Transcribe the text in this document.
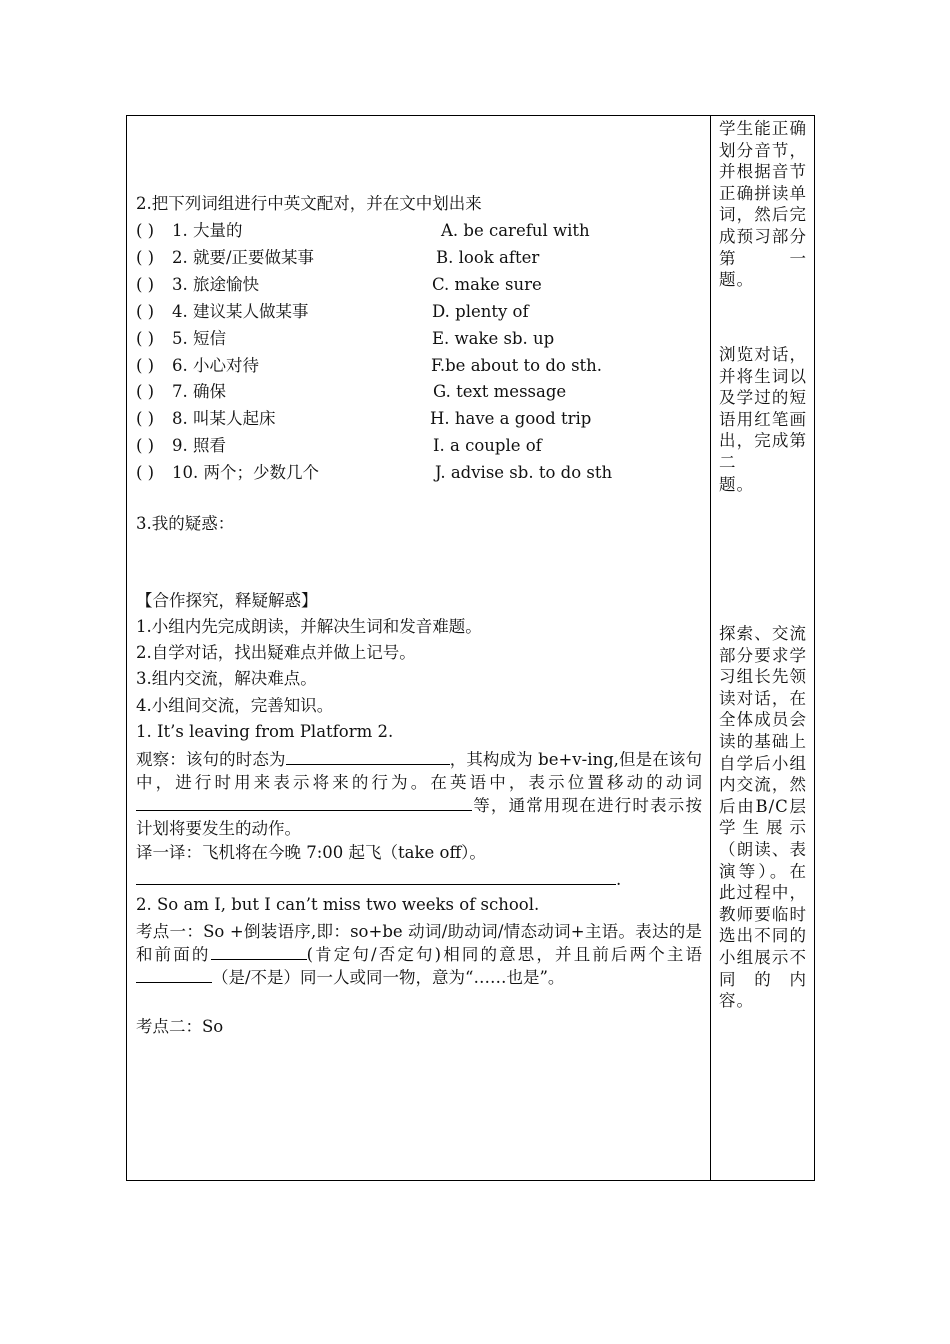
2.把下列词组进行中英文配对，并在文中划出来
( ) 1. 大量的	A. be careful with
( ) 2. 就要/正要做某事	B. look after
( ) 3. 旅途愉快	C. make sure
( ) 4. 建议某人做某事	D. plenty of
( ) 5. 短信	E. wake sb. up
( ) 6. 小心对待	F.be about to do sth.
( ) 7. 确保	G. text message
( ) 8. 叫某人起床	H. have a good trip
( ) 9. 照看	I. a couple of
( ) 10. 两个；少数几个	J. advise sb. to do sth
3.我的疑惑：
【合作探究，释疑解惑】
1.小组内先完成朗读，并解决生词和发音难题。
2.自学对话，找出疑难点并做上记号。
3.组内交流，解决难点。
4.小组间交流，完善知识。
1. It’s leaving from Platform 2.
观察：该句的时态为	，其构成为 be+v-ing,但是在该句中，进行时用来表示将来的行为。在英语中，表示位置移动的动词等，通常用现在进行时表示按计划将要发生的动作。
译一译：飞机将在今晚 7:00 起飞（take off）。
.
2. So am I, but I can’t miss two weeks of school.
考点一：So +倒装语序,即：so+be 动词/助动词/情态动词+主语。表达的是和前面的	(肯定句/否定句)相同的意思，并且前后两个主语（是/不是）同一人或同一物，意为“……也是”。
考点二：So
学生能正确划分音节，并根据音节正确拼读单词，然后完成预习部分第一
题。
浏览对话，并将生词以及学过的短语用红笔画出，完成第二
题。
探索、交流部分要求学习组长先领读对话，在全体成员会读的基础上自学后小组内交流，然后由B/C层学生展示（朗读、表演等）。在此过程中，教师要临时选出不同的小组展示不同的内
容。
